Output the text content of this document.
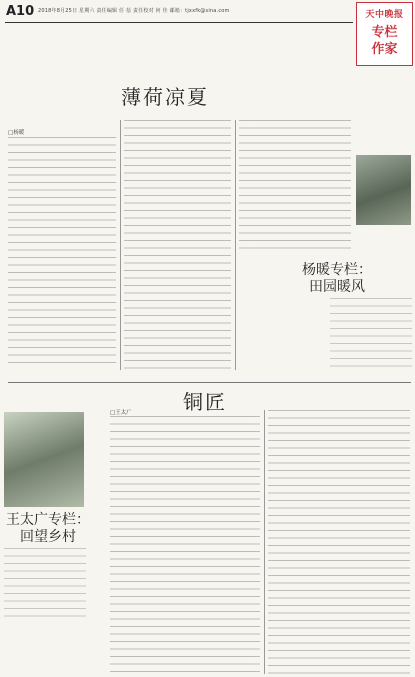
A10 2018年8月25日 星期六 责任编辑 任 蓓 责任校对 何 佳 邮箱：tjxxfk@sina.com	天中晚报
专栏
作家
薄荷凉夏
□杨暖
杨暖专栏：
田园暖风
铜匠
王太广专栏：
回望乡村
□王太广
